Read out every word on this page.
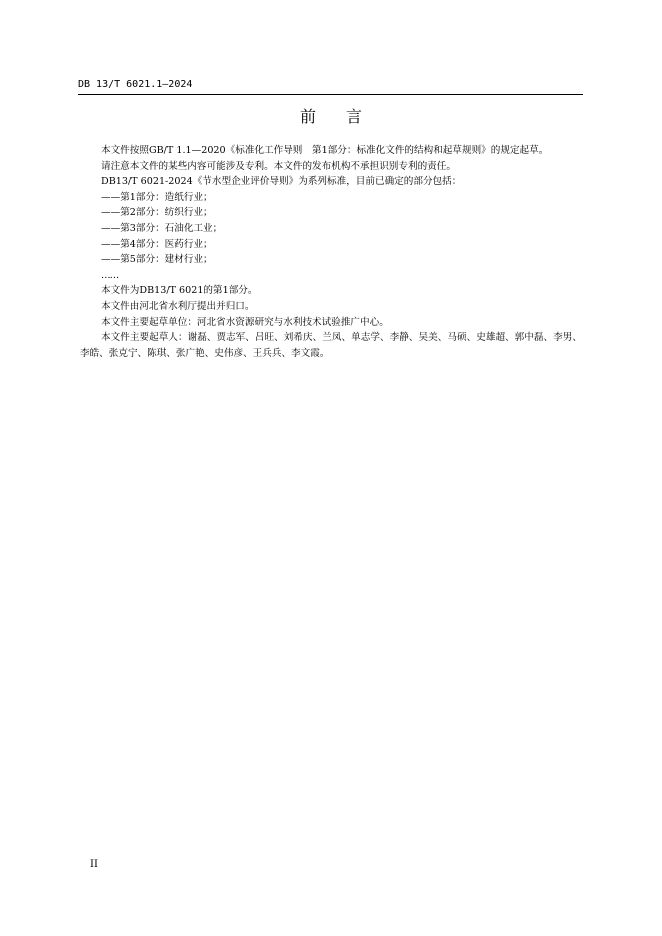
DB 13/T 6021.1—2024
前言

本文件按照GB/T 1.1—2020《标准化工作导则　第1部分：标准化文件的结构和起草规则》的规定起草。

请注意本文件的某些内容可能涉及专利。本文件的发布机构不承担识别专利的责任。

DB13/T 6021-2024《节水型企业评价导则》为系列标准，目前已确定的部分包括：

——第1部分：造纸行业；

——第2部分：纺织行业；

——第3部分：石油化工业；

——第4部分：医药行业；

——第5部分：建材行业；

……

本文件为DB13/T 6021的第1部分。

本文件由河北省水利厅提出并归口。

本文件主要起草单位：河北省水资源研究与水利技术试验推广中心。

本文件主要起草人：谢磊、贾志军、吕旺、刘希庆、兰凤、单志学、李静、吴美、马硕、史雄超、郭中磊、李男、李皓、张克宁、陈琪、张广艳、史伟彦、王兵兵、李文霞。

II
